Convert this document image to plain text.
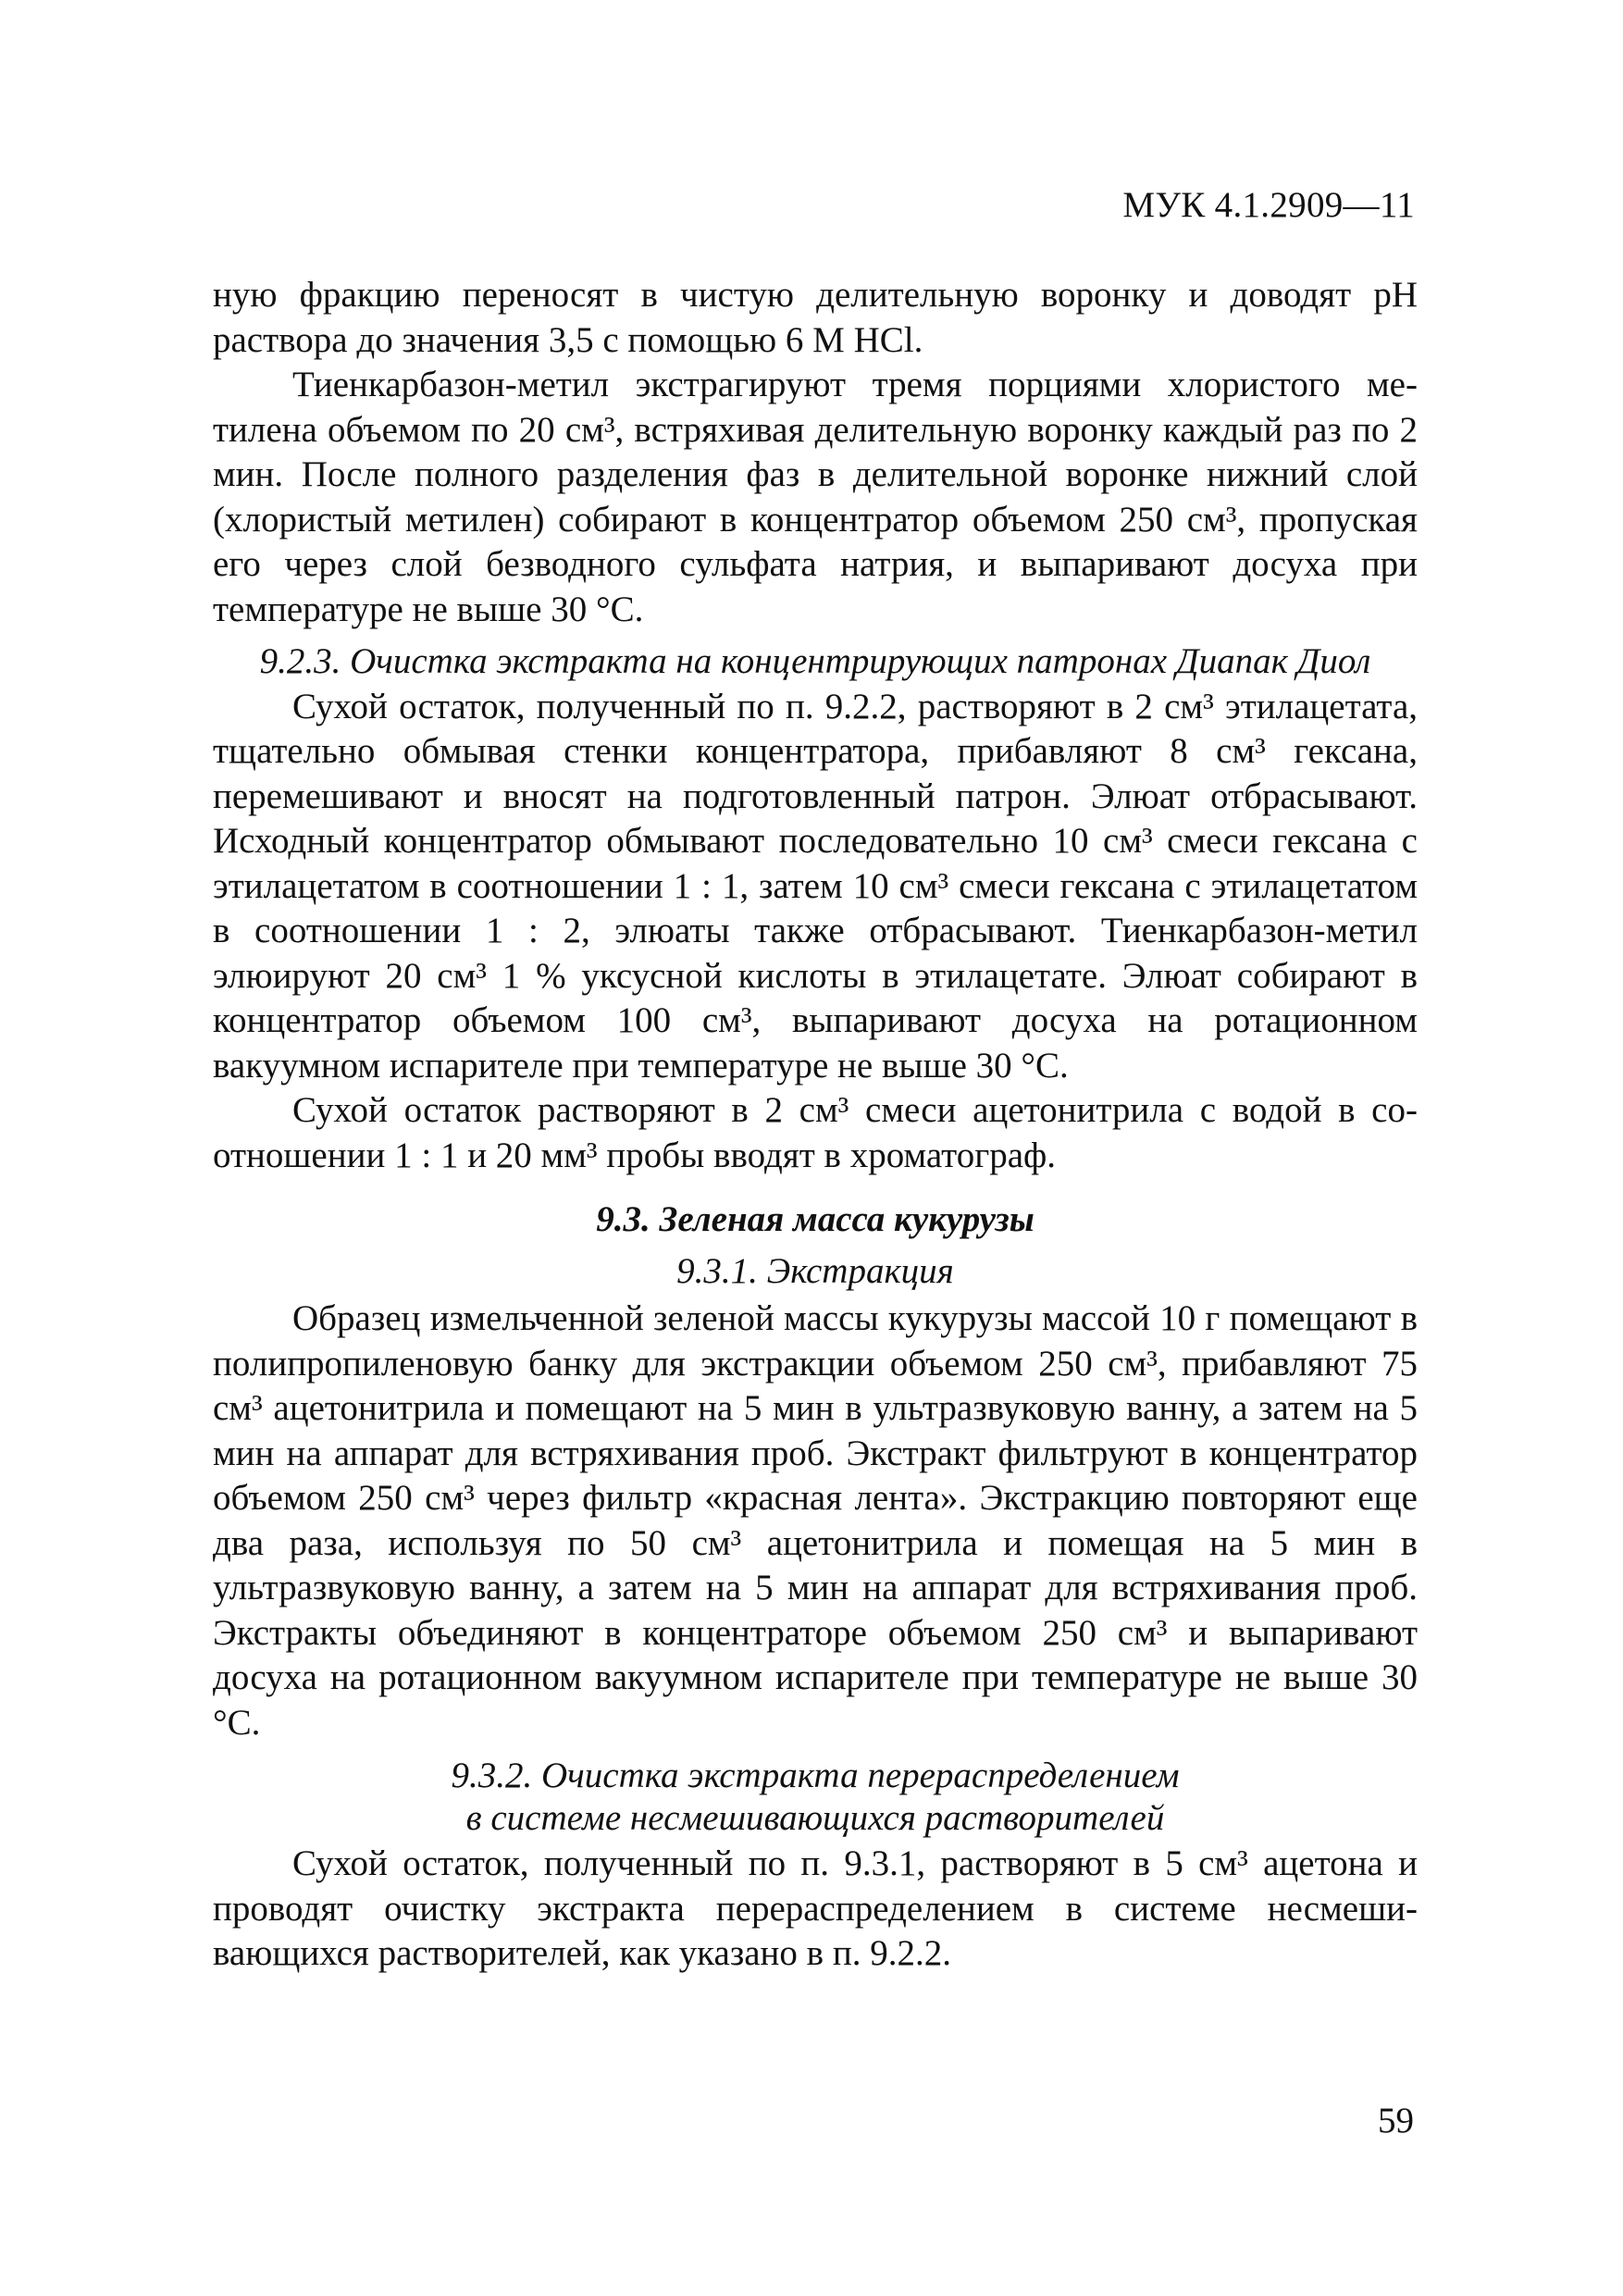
МУК 4.1.2909—11

ную фракцию переносят в чистую делительную воронку и доводят pH раствора до значения 3,5 с помощью 6 М HCl.

Тиенкарбазон-метил экстрагируют тремя порциями хлористого метилена объемом по 20 см³, встряхивая делительную воронку каждый раз по 2 мин. После полного разделения фаз в делительной воронке нижний слой (хлористый метилен) собирают в концентратор объемом 250 см³, пропуская его через слой безводного сульфата натрия, и выпаривают досуха при температуре не выше 30 °С.

9.2.3. Очистка экстракта на концентрирующих патронах Диапак Диол

Сухой остаток, полученный по п. 9.2.2, растворяют в 2 см³ этилацетата, тщательно обмывая стенки концентратора, прибавляют 8 см³ гексана, перемешивают и вносят на подготовленный патрон. Элюат отбрасывают. Исходный концентратор обмывают последовательно 10 см³ смеси гексана с этилацетатом в соотношении 1 : 1, затем 10 см³ смеси гексана с этилацетатом в соотношении 1 : 2, элюаты также отбрасывают. Тиенкарбазон-метил элюируют 20 см³ 1 % уксусной кислоты в этилацетате. Элюат собирают в концентратор объемом 100 см³, выпаривают досуха на ротационном вакуумном испарителе при температуре не выше 30 °С.

Сухой остаток растворяют в 2 см³ смеси ацетонитрила с водой в соотношении 1 : 1 и 20 мм³ пробы вводят в хроматограф.

9.3. Зеленая масса кукурузы
9.3.1. Экстракция

Образец измельченной зеленой массы кукурузы массой 10 г помещают в полипропиленовую банку для экстракции объемом 250 см³, прибавляют 75 см³ ацетонитрила и помещают на 5 мин в ультразвуковую ванну, а затем на 5 мин на аппарат для встряхивания проб. Экстракт фильтруют в концентратор объемом 250 см³ через фильтр «красная лента». Экстракцию повторяют еще два раза, используя по 50 см³ ацетонитрила и помещая на 5 мин в ультразвуковую ванну, а затем на 5 мин на аппарат для встряхивания проб. Экстракты объединяют в концентраторе объемом 250 см³ и выпаривают досуха на ротационном вакуумном испарителе при температуре не выше 30 °С.

9.3.2. Очистка экстракта перераспределением
в системе несмешивающихся растворителей

Сухой остаток, полученный по п. 9.3.1, растворяют в 5 см³ ацетона и проводят очистку экстракта перераспределением в системе несмешивающихся растворителей, как указано в п. 9.2.2.

59
